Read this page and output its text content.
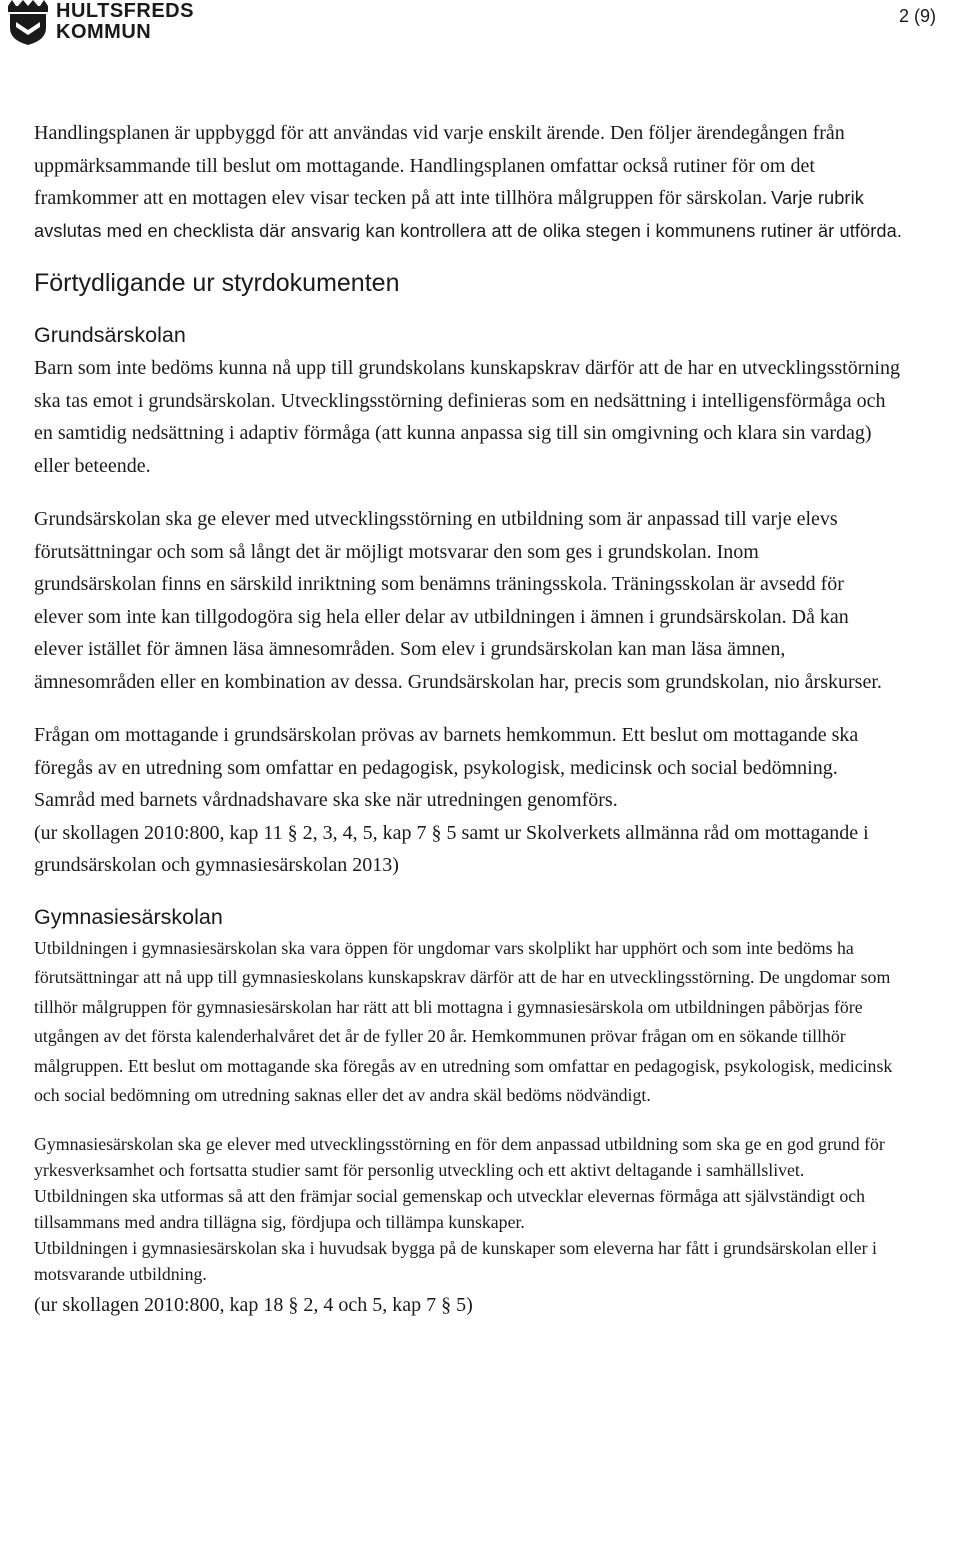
HULTSFREDS
KOMMUN
2 (9)

Handlingsplanen är uppbyggd för att användas vid varje enskilt ärende. Den följer ärendegången från uppmärksammande till beslut om mottagande. Handlingsplanen omfattar också rutiner för om det framkommer att en mottagen elev visar tecken på att inte tillhöra målgruppen för särskolan. Varje rubrik avslutas med en checklista där ansvarig kan kontrollera att de olika stegen i kommunens rutiner är utförda.

Förtydligande ur styrdokumenten
Grundsärskolan

Barn som inte bedöms kunna nå upp till grundskolans kunskapskrav därför att de har en utvecklingsstörning ska tas emot i grundsärskolan. Utvecklingsstörning definieras som en nedsättning i intelligensförmåga och en samtidig nedsättning i adaptiv förmåga (att kunna anpassa sig till sin omgivning och klara sin vardag) eller beteende.

Grundsärskolan ska ge elever med utvecklingsstörning en utbildning som är anpassad till varje elevs förutsättningar och som så långt det är möjligt motsvarar den som ges i grundskolan. Inom grundsärskolan finns en särskild inriktning som benämns träningsskola. Träningsskolan är avsedd för elever som inte kan tillgodogöra sig hela eller delar av utbildningen i ämnen i grundsärskolan. Då kan elever istället för ämnen läsa ämnesområden. Som elev i grundsärskolan kan man läsa ämnen, ämnesområden eller en kombination av dessa. Grundsärskolan har, precis som grundskolan, nio årskurser.

Frågan om mottagande i grundsärskolan prövas av barnets hemkommun. Ett beslut om mottagande ska föregås av en utredning som omfattar en pedagogisk, psykologisk, medicinsk och social bedömning. Samråd med barnets vårdnadshavare ska ske när utredningen genomförs.

(ur skollagen 2010:800, kap 11 § 2, 3, 4, 5, kap 7 § 5 samt ur Skolverkets allmänna råd om mottagande i grundsärskolan och gymnasiesärskolan 2013)

Gymnasiesärskolan

Utbildningen i gymnasiesärskolan ska vara öppen för ungdomar vars skolplikt har upphört och som inte bedöms ha förutsättningar att nå upp till gymnasieskolans kunskapskrav därför att de har en utvecklingsstörning. De ungdomar som tillhör målgruppen för gymnasiesärskolan har rätt att bli mottagna i gymnasiesärskola om utbildningen påbörjas före utgången av det första kalenderhalvåret det år de fyller 20 år. Hemkommunen prövar frågan om en sökande tillhör målgruppen. Ett beslut om mottagande ska föregås av en utredning som omfattar en pedagogisk, psykologisk, medicinsk och social bedömning om utredning saknas eller det av andra skäl bedöms nödvändigt.

Gymnasiesärskolan ska ge elever med utvecklingsstörning en för dem anpassad utbildning som ska ge en god grund för yrkesverksamhet och fortsatta studier samt för personlig utveckling och ett aktivt deltagande i samhällslivet.

Utbildningen ska utformas så att den främjar social gemenskap och utvecklar elevernas förmåga att självständigt och tillsammans med andra tillägna sig, fördjupa och tillämpa kunskaper.

Utbildningen i gymnasiesärskolan ska i huvudsak bygga på de kunskaper som eleverna har fått i grundsärskolan eller i motsvarande utbildning.

(ur skollagen 2010:800, kap 18 § 2, 4 och 5, kap 7 § 5)
